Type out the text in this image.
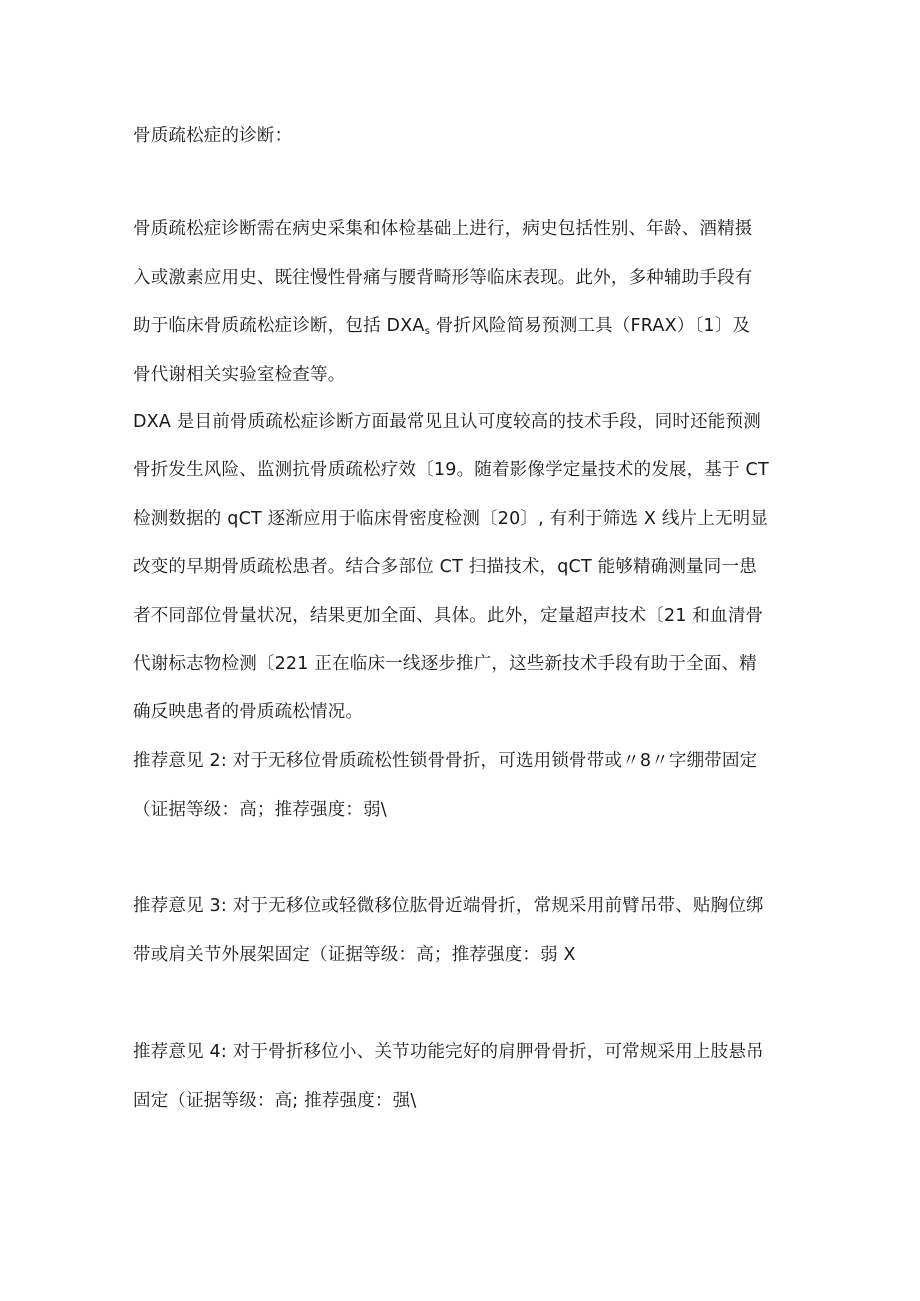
骨质疏松症的诊断：
骨质疏松症诊断需在病史采集和体检基础上进行，病史包括性别、年龄、酒精摄
入或激素应用史、既往慢性骨痛与腰背畸形等临床表现。此外，多种辅助手段有
助于临床骨质疏松症诊断，包括 $DXA_s$ 骨折风险简易预测工具（FRAX）〔1〕及
骨代谢相关实验室检查等。
DXA 是目前骨质疏松症诊断方面最常见且认可度较高的技术手段，同时还能预测
骨折发生风险、监测抗骨质疏松疗效〔19。随着影像学定量技术的发展，基于 CT
检测数据的 qCT 逐渐应用于临床骨密度检测〔20〕, 有利于筛选 X 线片上无明显
改变的早期骨质疏松患者。结合多部位 CT 扫描技术，qCT 能够精确测量同一患
者不同部位骨量状况，结果更加全面、具体。此外，定量超声技术〔21 和血清骨
代谢标志物检测〔221 正在临床一线逐步推广，这些新技术手段有助于全面、精
确反映患者的骨质疏松情况。
推荐意见 2: 对于无移位骨质疏松性锁骨骨折，可选用锁骨带或〃8〃字绷带固定
（证据等级：高；推荐强度：弱\
推荐意见 3: 对于无移位或轻微移位肱骨近端骨折，常规采用前臂吊带、贴胸位绑
带或肩关节外展架固定（证据等级：高；推荐强度：弱 X
推荐意见 4: 对于骨折移位小、关节功能完好的肩胛骨骨折，可常规采用上肢悬吊
固定（证据等级：高; 推荐强度：强\
